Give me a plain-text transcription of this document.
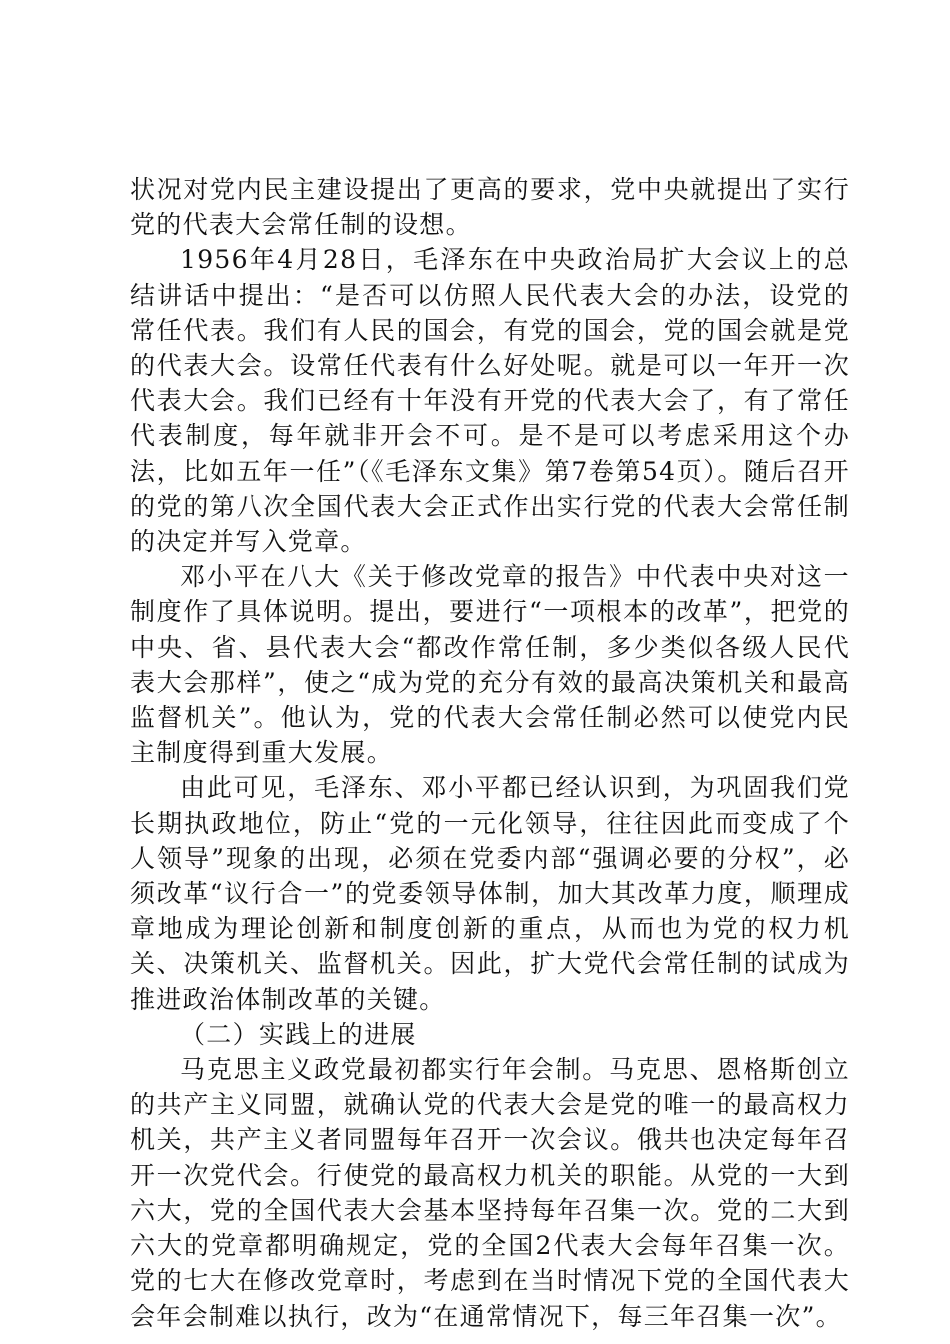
状况对党内民主建设提出了更高的要求，党中央就提出了实行党的代表大会常任制的设想。

1956年4月28日，毛泽东在中央政治局扩大会议上的总结讲话中提出：“是否可以仿照人民代表大会的办法，设党的常任代表。我们有人民的国会，有党的国会，党的国会就是党的代表大会。设常任代表有什么好处呢。就是可以一年开一次代表大会。我们已经有十年没有开党的代表大会了，有了常任代表制度，每年就非开会不可。是不是可以考虑采用这个办法，比如五年一任”（《毛泽东文集》第7卷第54页）。随后召开的党的第八次全国代表大会正式作出实行党的代表大会常任制的决定并写入党章。

邓小平在八大《关于修改党章的报告》中代表中央对这一制度作了具体说明。提出，要进行“一项根本的改革”，把党的中央、省、县代表大会“都改作常任制，多少类似各级人民代表大会那样”，使之“成为党的充分有效的最高决策机关和最高监督机关”。他认为，党的代表大会常任制必然可以使党内民主制度得到重大发展。

由此可见，毛泽东、邓小平都已经认识到，为巩固我们党长期执政地位，防止“党的一元化领导，往往因此而变成了个人领导”现象的出现，必须在党委内部“强调必要的分权”，必须改革“议行合一”的党委领导体制，加大其改革力度，顺理成章地成为理论创新和制度创新的重点，从而也为党的权力机关、决策机关、监督机关。因此，扩大党代会常任制的试成为推进政治体制改革的关键。

（二）实践上的进展

马克思主义政党最初都实行年会制。马克思、恩格斯创立的共产主义同盟，就确认党的代表大会是党的唯一的最高权力机关，共产主义者同盟每年召开一次会议。俄共也决定每年召开一次党代会。行使党的最高权力机关的职能。从党的一大到六大，党的全国代表大会基本坚持每年召集一次。党的二大到六大的党章都明确规定，党的全国2代表大会每年召集一次。党的七大在修改党章时，考虑到在当时情况下党的全国代表大会年会制难以执行，改为“在通常情况下，每三年召集一次”。
